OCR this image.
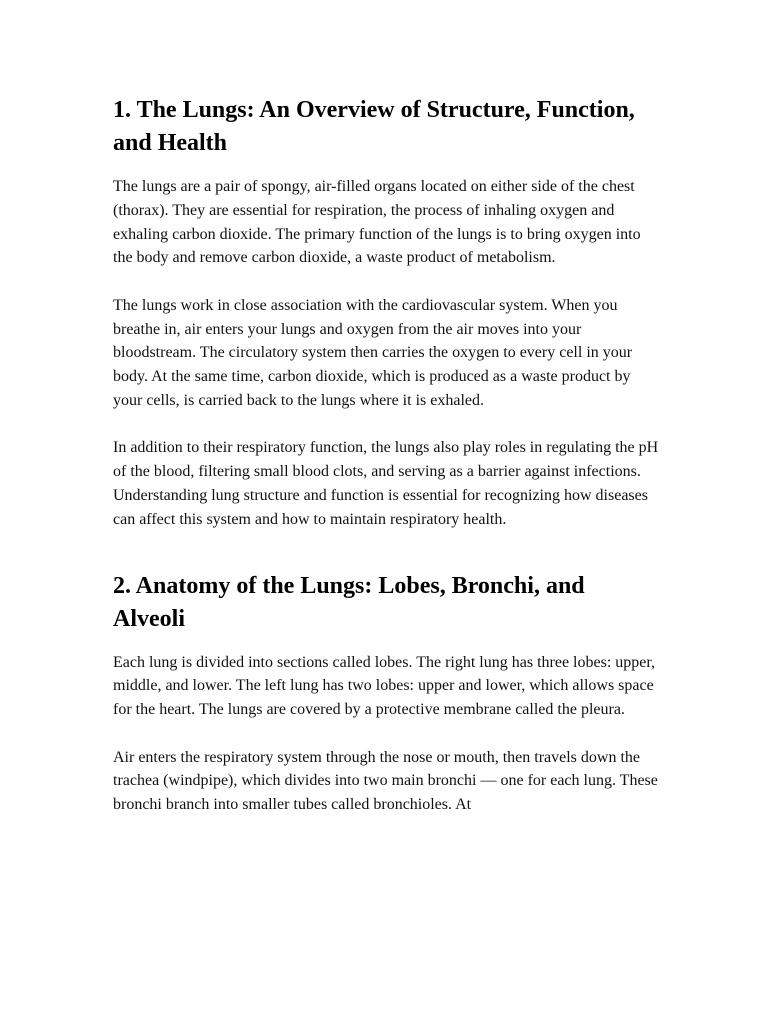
1. The Lungs: An Overview of Structure, Function, and Health

The lungs are a pair of spongy, air-filled organs located on either side of the chest (thorax). They are essential for respiration, the process of inhaling oxygen and exhaling carbon dioxide. The primary function of the lungs is to bring oxygen into the body and remove carbon dioxide, a waste product of metabolism.

The lungs work in close association with the cardiovascular system. When you breathe in, air enters your lungs and oxygen from the air moves into your bloodstream. The circulatory system then carries the oxygen to every cell in your body. At the same time, carbon dioxide, which is produced as a waste product by your cells, is carried back to the lungs where it is exhaled.

In addition to their respiratory function, the lungs also play roles in regulating the pH of the blood, filtering small blood clots, and serving as a barrier against infections. Understanding lung structure and function is essential for recognizing how diseases can affect this system and how to maintain respiratory health.

2. Anatomy of the Lungs: Lobes, Bronchi, and Alveoli

Each lung is divided into sections called lobes. The right lung has three lobes: upper, middle, and lower. The left lung has two lobes: upper and lower, which allows space for the heart. The lungs are covered by a protective membrane called the pleura.

Air enters the respiratory system through the nose or mouth, then travels down the trachea (windpipe), which divides into two main bronchi — one for each lung. These bronchi branch into smaller tubes called bronchioles. At
